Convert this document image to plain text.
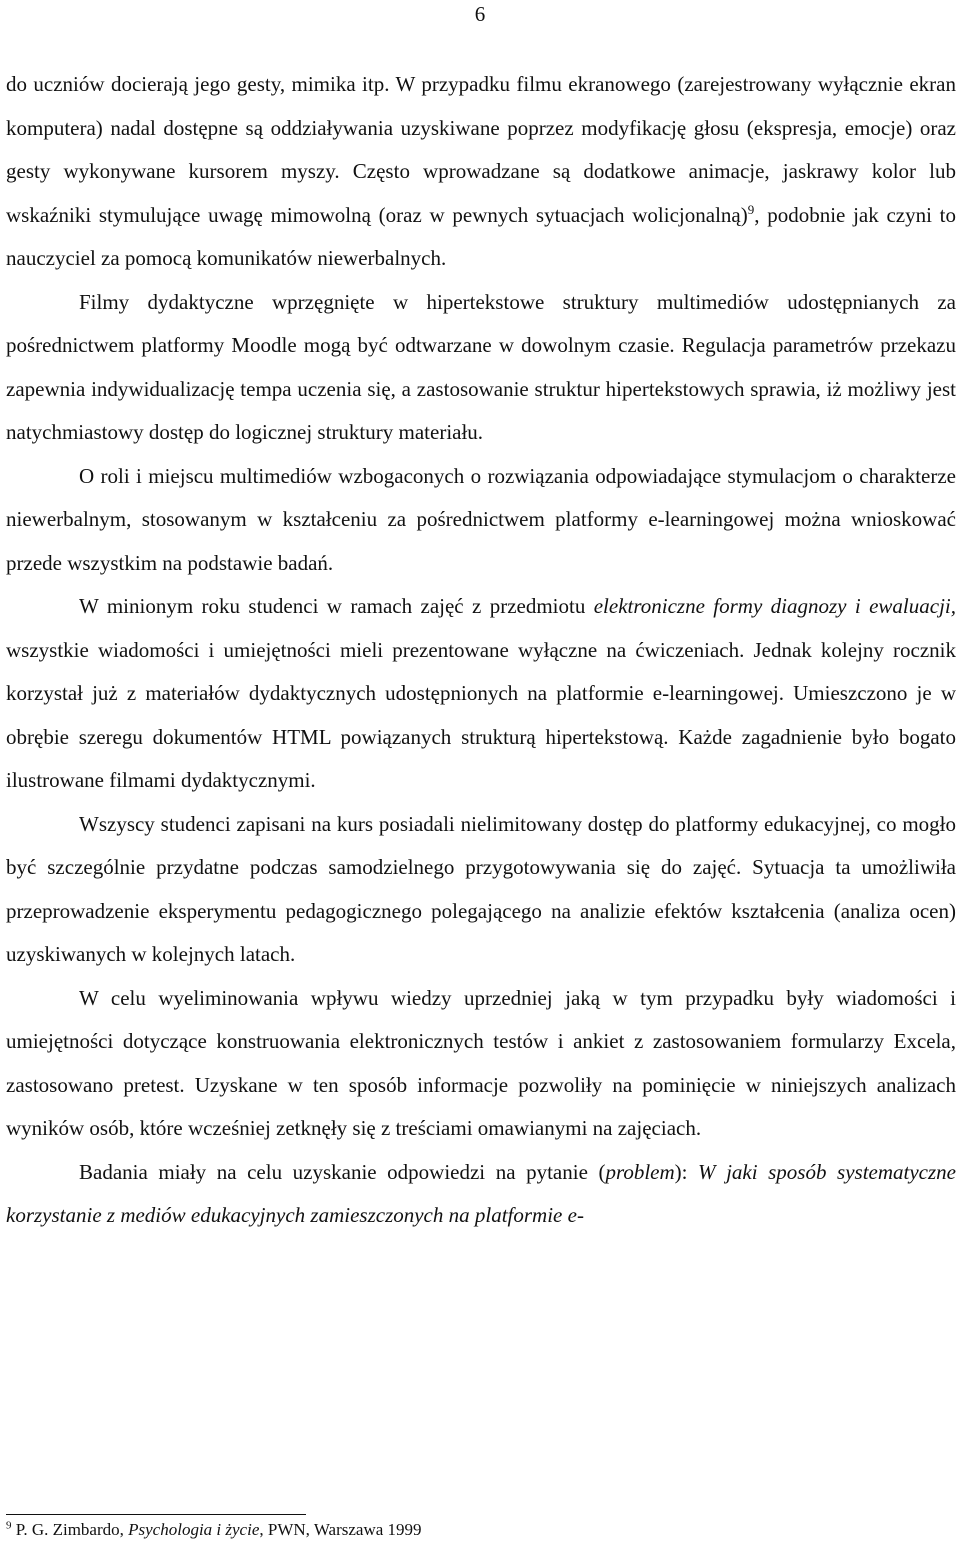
6

do uczniów docierają jego gesty, mimika itp. W przypadku filmu ekranowego (zarejestrowany wyłącznie ekran komputera) nadal dostępne są oddziaływania uzyskiwane poprzez modyfikację głosu (ekspresja, emocje) oraz gesty wykonywane kursorem myszy. Często wprowadzane są dodatkowe animacje, jaskrawy kolor lub wskaźniki stymulujące uwagę mimowolną (oraz w pewnych sytuacjach wolicjonalną)$^9$, podobnie jak czyni to nauczyciel za pomocą komunikatów niewerbalnych.

Filmy dydaktyczne wprzęgnięte w hipertekstowe struktury multimediów udostępnianych za pośrednictwem platformy Moodle mogą być odtwarzane w dowolnym czasie. Regulacja parametrów przekazu zapewnia indywidualizację tempa uczenia się, a zastosowanie struktur hipertekstowych sprawia, iż możliwy jest natychmiastowy dostęp do logicznej struktury materiału.

O roli i miejscu multimediów wzbogaconych o rozwiązania odpowiadające stymulacjom o charakterze niewerbalnym, stosowanym w kształceniu za pośrednictwem platformy e-learningowej można wnioskować przede wszystkim na podstawie badań.

W minionym roku studenci w ramach zajęć z przedmiotu elektroniczne formy diagnozy i ewaluacji, wszystkie wiadomości i umiejętności mieli prezentowane wyłączne na ćwiczeniach. Jednak kolejny rocznik korzystał już z materiałów dydaktycznych udostępnionych na platformie e-learningowej. Umieszczono je w obrębie szeregu dokumentów HTML powiązanych strukturą hipertekstową. Każde zagadnienie było bogato ilustrowane filmami dydaktycznymi.

Wszyscy studenci zapisani na kurs posiadali nielimitowany dostęp do platformy edukacyjnej, co mogło być szczególnie przydatne podczas samodzielnego przygotowywania się do zajęć. Sytuacja ta umożliwiła przeprowadzenie eksperymentu pedagogicznego polegającego na analizie efektów kształcenia (analiza ocen) uzyskiwanych w kolejnych latach.

W celu wyeliminowania wpływu wiedzy uprzedniej jaką w tym przypadku były wiadomości i umiejętności dotyczące konstruowania elektronicznych testów i ankiet z zastosowaniem formularzy Excela, zastosowano pretest. Uzyskane w ten sposób informacje pozwoliły na pominięcie w niniejszych analizach wyników osób, które wcześniej zetknęły się z treściami omawianymi na zajęciach.

Badania miały na celu uzyskanie odpowiedzi na pytanie (problem): W jaki sposób systematyczne korzystanie z mediów edukacyjnych zamieszczonych na platformie e-

$^9$ P. G. Zimbardo, Psychologia i życie, PWN, Warszawa 1999
